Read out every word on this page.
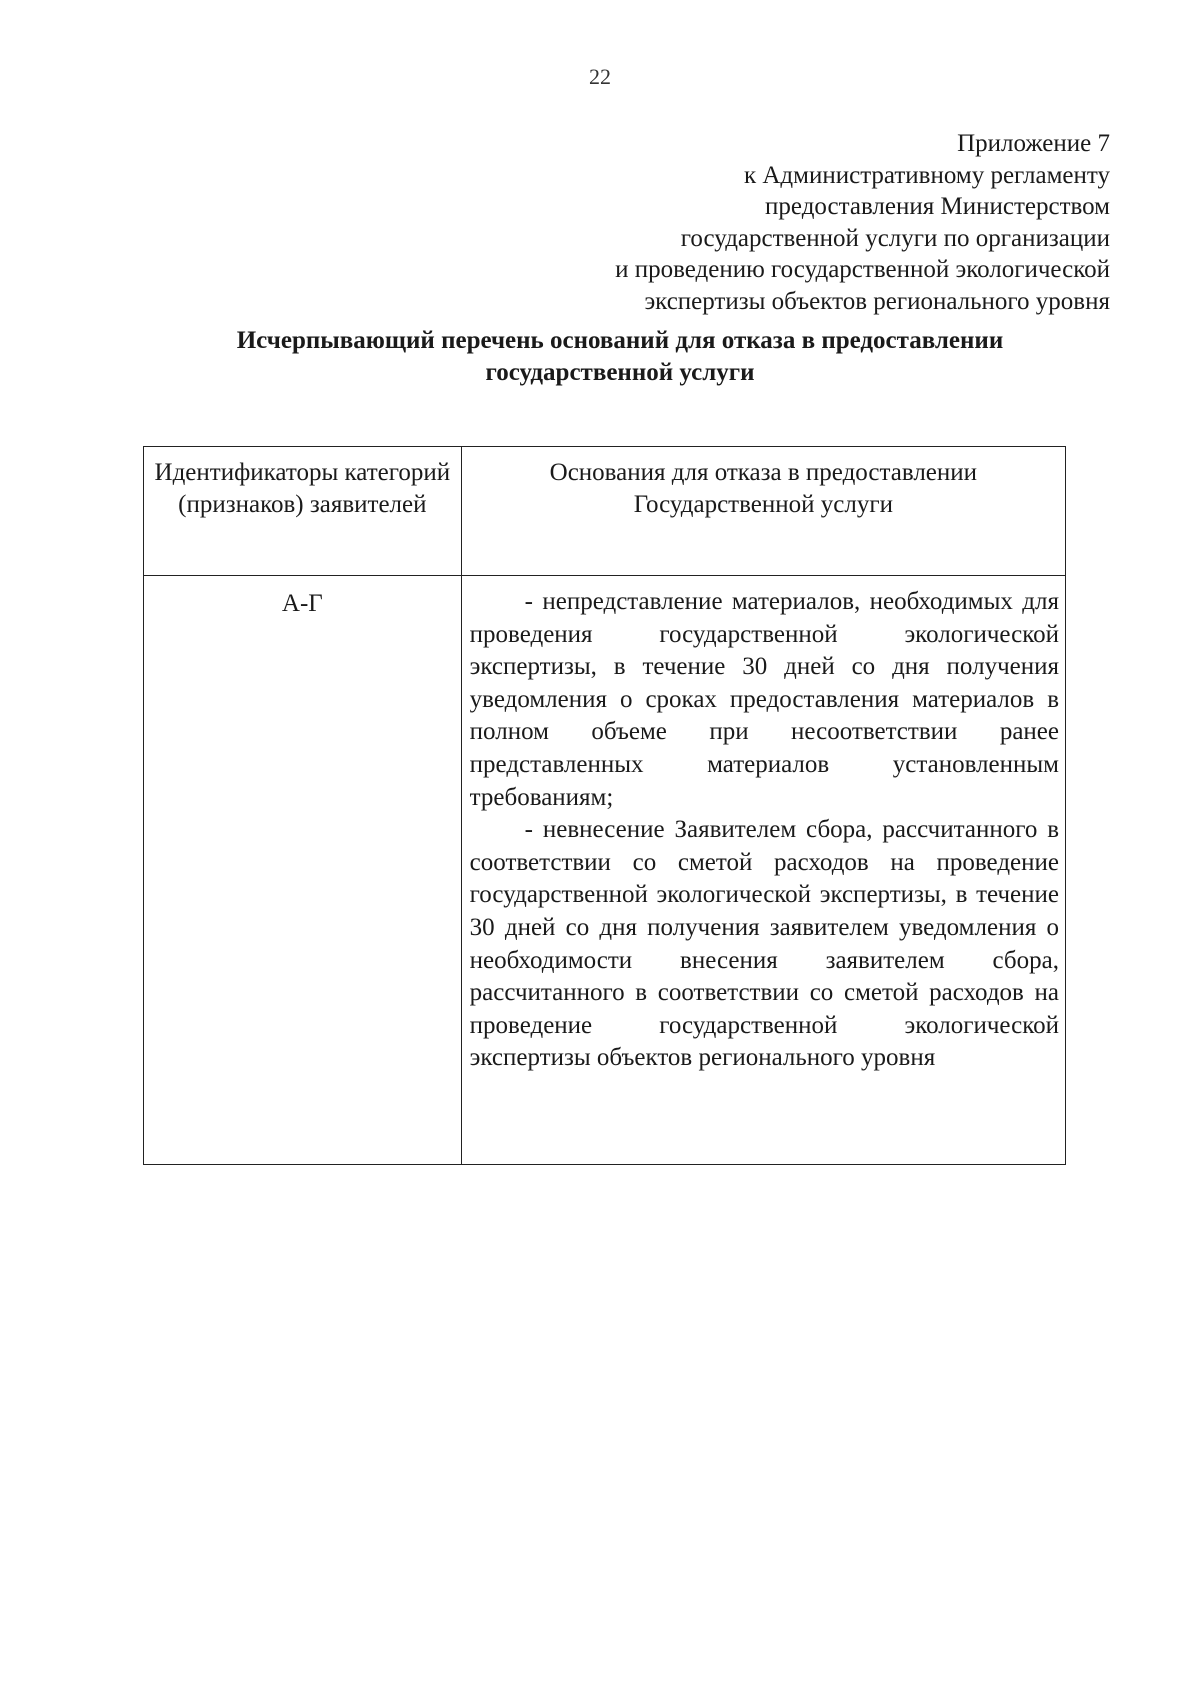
22
Приложение 7
к Административному регламенту
предоставления Министерством
государственной услуги по организации
и проведению государственной экологической
экспертизы объектов регионального уровня
Исчерпывающий перечень оснований для отказа в предоставлении
государственной услуги
Идентификаторы категорий (признаков) заявителей	Основания для отказа в предоставлении Государственной услуги
А-Г	- непредставление материалов, необходимых для проведения государственной экологической экспертизы, в течение 30 дней со дня получения уведомления о сроках предоставления материалов в полном объеме при несоответствии ранее представленных материалов установленным требованиям;

- невнесение Заявителем сбора, рассчитанного в соответствии со сметой расходов на проведение государственной экологической экспертизы, в течение 30 дней со дня получения заявителем уведомления о необходимости внесения заявителем сбора, рассчитанного в соответствии со сметой расходов на проведение государственной экологической экспертизы объектов регионального уровня
